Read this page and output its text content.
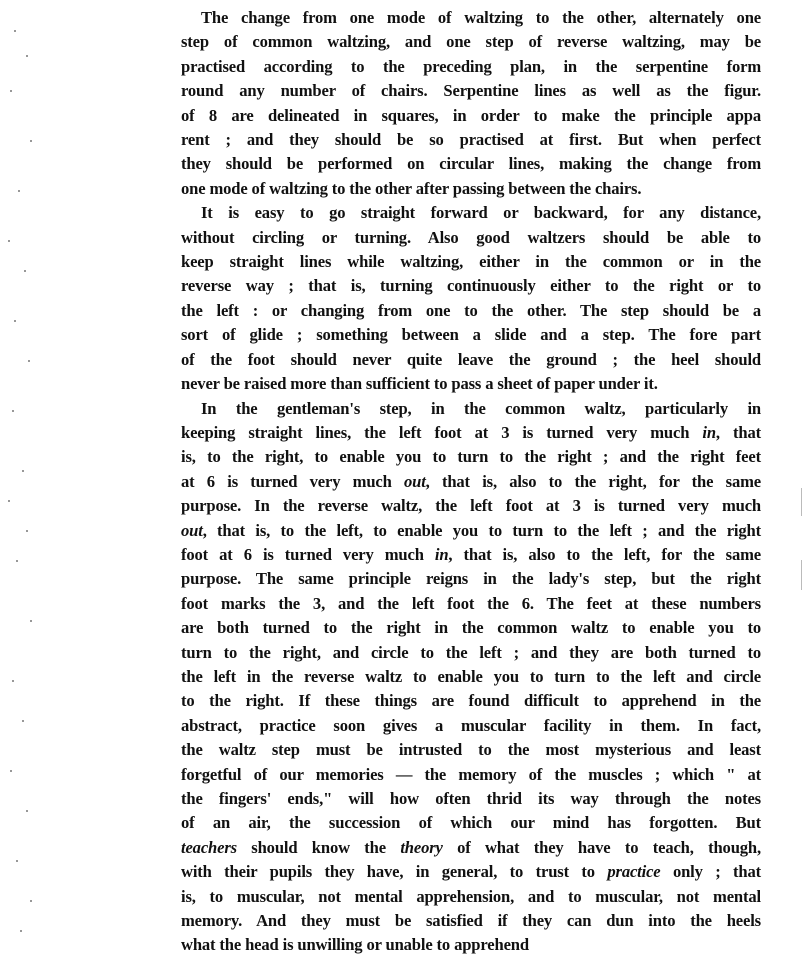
The change from one mode of waltzing to the other, alternately one
step of common waltzing, and one step of reverse waltzing, may be
practised according to the preceding plan, in the serpentine form
round any number of chairs. Serpentine lines as well as the figur.
of 8 are delineated in squares, in order to make the principle appa
rent ; and they should be so practised at first. But when perfect
they should be performed on circular lines, making the change from
one mode of waltzing to the other after passing between the chairs.

It is easy to go straight forward or backward, for any distance,
without circling or turning. Also good waltzers should be able to
keep straight lines while waltzing, either in the common or in the
reverse way ; that is, turning continuously either to the right or to
the left : or changing from one to the other. The step should be a
sort of glide ; something between a slide and a step. The fore part
of the foot should never quite leave the ground ; the heel should
never be raised more than sufficient to pass a sheet of paper under it.

In the gentleman's step, in the common waltz, particularly in
keeping straight lines, the left foot at 3 is turned very much in, that
is, to the right, to enable you to turn to the right ; and the right feet
at 6 is turned very much out, that is, also to the right, for the same
purpose. In the reverse waltz, the left foot at 3 is turned very much
out, that is, to the left, to enable you to turn to the left ; and the right
foot at 6 is turned very much in, that is, also to the left, for the same
purpose. The same principle reigns in the lady's step, but the right
foot marks the 3, and the left foot the 6. The feet at these numbers
are both turned to the right in the common waltz to enable you to
turn to the right, and circle to the left ; and they are both turned to
the left in the reverse waltz to enable you to turn to the left and circle
to the right. If these things are found difficult to apprehend in the
abstract, practice soon gives a muscular facility in them. In fact,
the waltz step must be intrusted to the most mysterious and least
forgetful of our memories — the memory of the muscles ; which " at
the fingers' ends," will how often thrid its way through the notes
of an air, the succession of which our mind has forgotten. But
teachers should know the theory of what they have to teach, though,
with their pupils they have, in general, to trust to practice only ; that
is, to muscular, not mental apprehension, and to muscular, not mental
memory. And they must be satisfied if they can dun into the heels
what the head is unwilling or unable to apprehend
